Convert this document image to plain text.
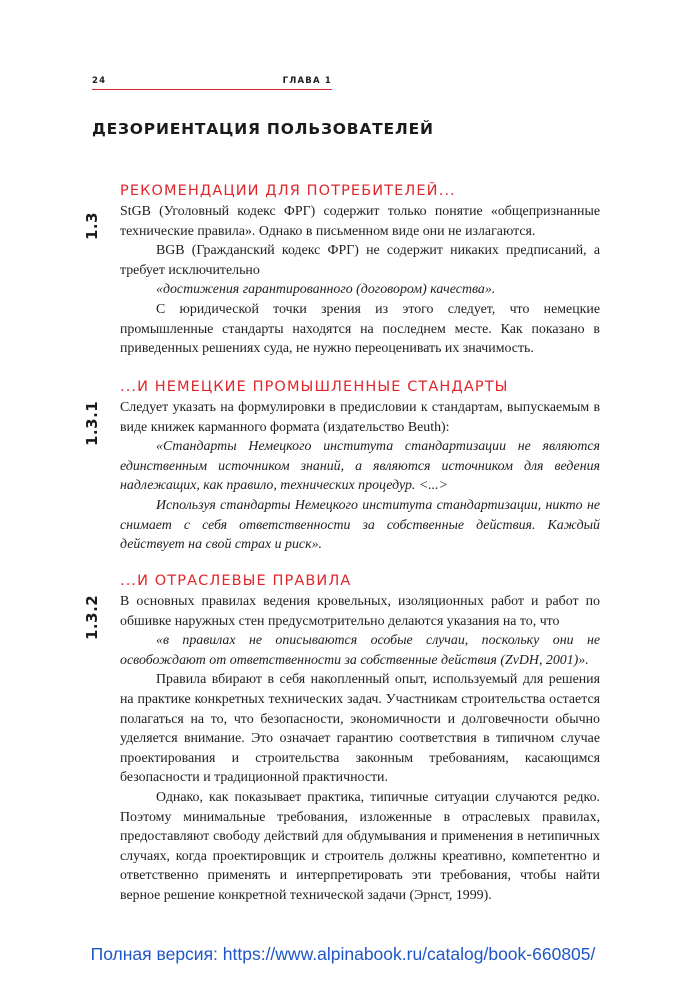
24	ГЛАВА 1
ДЕЗОРИЕНТАЦИЯ ПОЛЬЗОВАТЕЛЕЙ
1.3
РЕКОМЕНДАЦИИ ДЛЯ ПОТРЕБИТЕЛЕЙ...

StGB (Уголовный кодекс ФРГ) содержит только понятие «общепризнанные технические правила». Однако в письменном виде они не излагаются.

BGB (Гражданский кодекс ФРГ) не содержит никаких предписаний, а требует исключительно

«достижения гарантированного (договором) качества».

С юридической точки зрения из этого следует, что немецкие промышленные стандарты находятся на последнем месте. Как показано в приведенных решениях суда, не нужно переоценивать их значимость.

1.3.1
...И НЕМЕЦКИЕ ПРОМЫШЛЕННЫЕ СТАНДАРТЫ

Следует указать на формулировки в предисловии к стандартам, выпускаемым в виде книжек карманного формата (издательство Beuth):

«Стандарты Немецкого института стандартизации не являются единственным источником знаний, а являются источником для ведения надлежащих, как правило, технических процедур. <...>

Используя стандарты Немецкого института стандартизации, никто не снимает с себя ответственности за собственные действия. Каждый действует на свой страх и риск».

1.3.2
...И ОТРАСЛЕВЫЕ ПРАВИЛА

В основных правилах ведения кровельных, изоляционных работ и работ по обшивке наружных стен предусмотрительно делаются указания на то, что

«в правилах не описываются особые случаи, поскольку они не освобождают от ответственности за собственные действия (ZvDH, 2001)».

Правила вбирают в себя накопленный опыт, используемый для решения на практике конкретных технических задач. Участникам строительства остается полагаться на то, что безопасности, экономичности и долговечности обычно уделяется внимание. Это означает гарантию соответствия в типичном случае проектирования и строительства законным требованиям, касающимся безопасности и традиционной практичности.

Однако, как показывает практика, типичные ситуации случаются редко. Поэтому минимальные требования, изложенные в отраслевых правилах, предоставляют свободу действий для обдумывания и применения в нетипичных случаях, когда проектировщик и строитель должны креативно, компетентно и ответственно применять и интерпретировать эти требования, чтобы найти верное решение конкретной технической задачи (Эрнст, 1999).

Полная версия: https://www.alpinabook.ru/catalog/book-660805/
